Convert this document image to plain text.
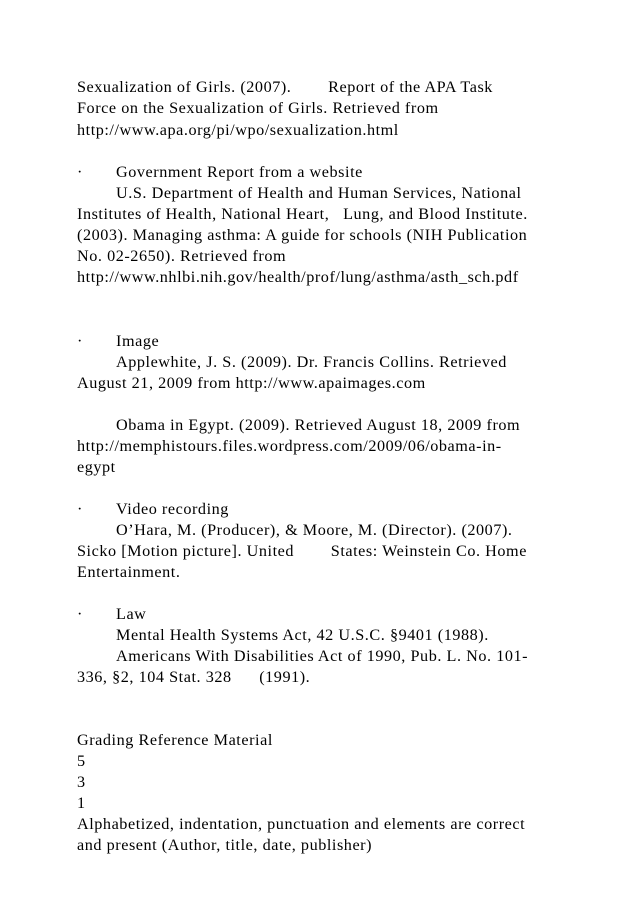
Sexualization of Girls. (2007).        Report of the APA Task
Force on the Sexualization of Girls. Retrieved from
http://www.apa.org/pi/wpo/sexualization.html
· Government Report from a website
U.S. Department of Health and Human Services, National
Institutes of Health, National Heart,   Lung, and Blood Institute.
(2003). Managing asthma: A guide for schools (NIH Publication
No. 02-2650). Retrieved from
http://www.nhlbi.nih.gov/health/prof/lung/asthma/asth_sch.pdf
· Image
Applewhite, J. S. (2009). Dr. Francis Collins. Retrieved
August 21, 2009 from http://www.apaimages.com
Obama in Egypt. (2009). Retrieved August 18, 2009 from
http://memphistours.files.wordpress.com/2009/06/obama-in-
egypt
· Video recording
O’Hara, M. (Producer), & Moore, M. (Director). (2007).
Sicko [Motion picture]. United        States: Weinstein Co. Home
Entertainment.
· Law
Mental Health Systems Act, 42 U.S.C. §9401 (1988).
Americans With Disabilities Act of 1990, Pub. L. No. 101-
336, §2, 104 Stat. 328      (1991).
Grading Reference Material
5
3
1
Alphabetized, indentation, punctuation and elements are correct
and present (Author, title, date, publisher)
